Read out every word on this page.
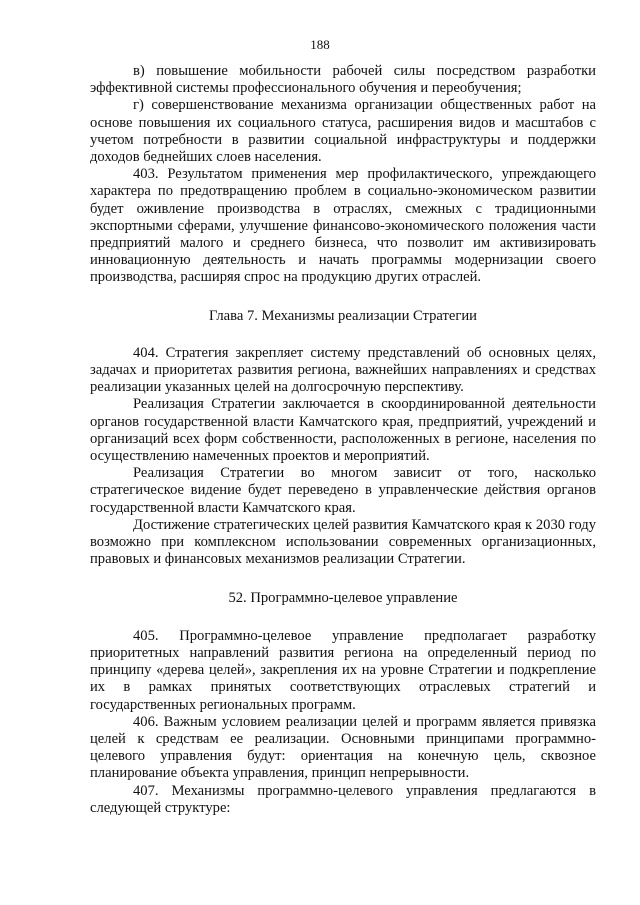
188

в) повышение мобильности рабочей силы посредством разработки эффективной системы профессионального обучения и переобучения;

г) совершенствование механизма организации общественных работ на основе повышения их социального статуса, расширения видов и масштабов с учетом потребности в развитии социальной инфраструктуры и поддержки доходов беднейших слоев населения.

403. Результатом применения мер профилактического, упреждающего характера по предотвращению проблем в социально-экономическом развитии будет оживление производства в отраслях, смежных с традиционными экспортными сферами, улучшение финансово-экономического положения части предприятий малого и среднего бизнеса, что позволит им активизировать инновационную деятельность и начать программы модернизации своего производства, расширяя спрос на продукцию других отраслей.

Глава 7. Механизмы реализации Стратегии

404. Стратегия закрепляет систему представлений об основных целях, задачах и приоритетах развития региона, важнейших направлениях и средствах реализации указанных целей на долгосрочную перспективу.

Реализация Стратегии заключается в скоординированной деятельности органов государственной власти Камчатского края, предприятий, учреждений и организаций всех форм собственности, расположенных в регионе, населения по осуществлению намеченных проектов и мероприятий.

Реализация Стратегии во многом зависит от того, насколько стратегическое видение будет переведено в управленческие действия органов государственной власти Камчатского края.

Достижение стратегических целей развития Камчатского края к 2030 году возможно при комплексном использовании современных организационных, правовых и финансовых механизмов реализации Стратегии.

52. Программно-целевое управление

405. Программно-целевое управление предполагает разработку приоритетных направлений развития региона на определенный период по принципу «дерева целей», закрепления их на уровне Стратегии и подкрепление их в рамках принятых соответствующих отраслевых стратегий и государственных региональных программ.

406. Важным условием реализации целей и программ является привязка целей к средствам ее реализации. Основными принципами программно-целевого управления будут: ориентация на конечную цель, сквозное планирование объекта управления, принцип непрерывности.

407. Механизмы программно-целевого управления предлагаются в следующей структуре:
